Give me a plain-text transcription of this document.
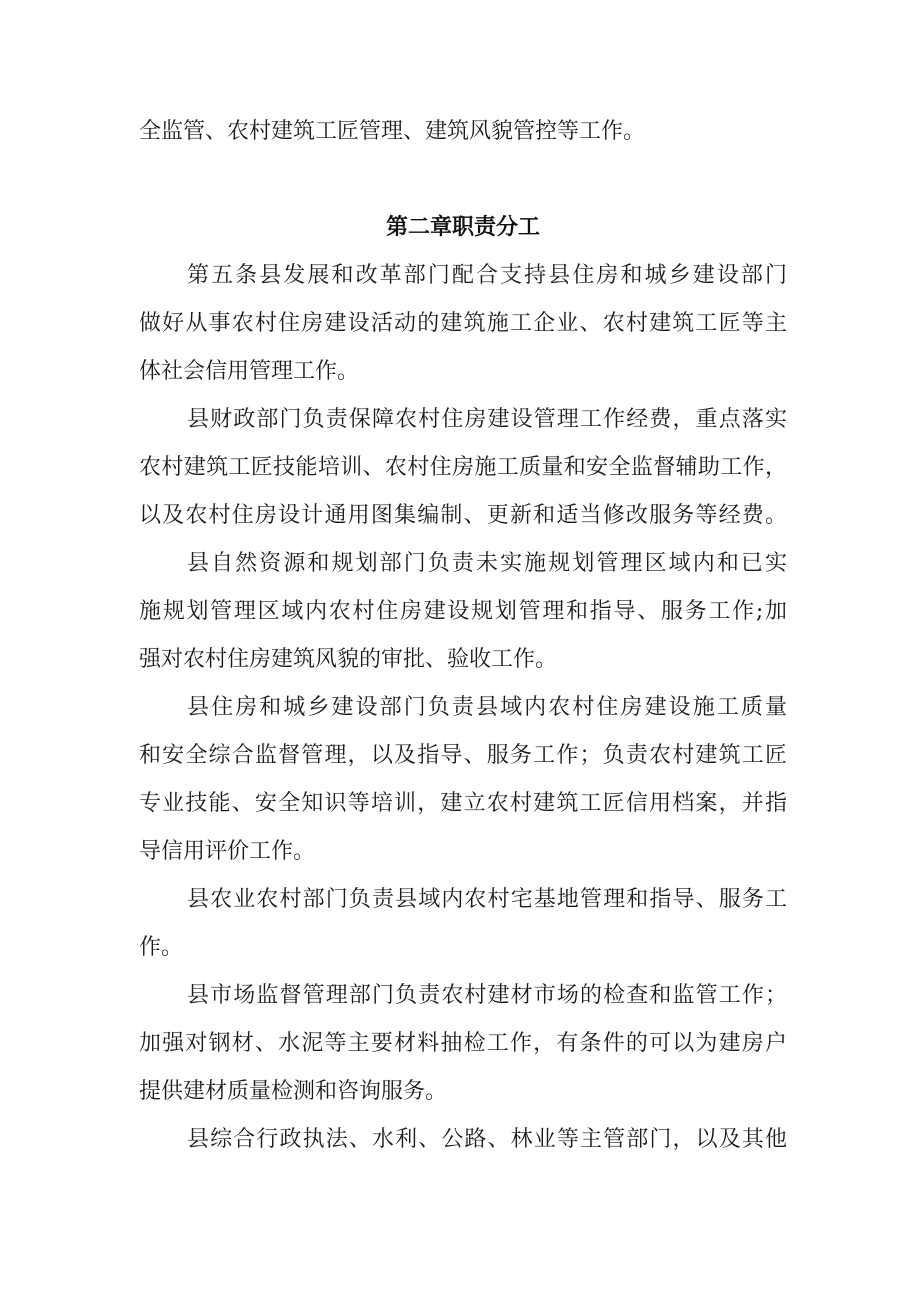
全监管、农村建筑工匠管理、建筑风貌管控等工作。
第二章职责分工
第五条县发展和改革部门配合支持县住房和城乡建设部门
做好从事农村住房建设活动的建筑施工企业、农村建筑工匠等主
体社会信用管理工作。
县财政部门负责保障农村住房建设管理工作经费，重点落实
农村建筑工匠技能培训、农村住房施工质量和安全监督辅助工作，
以及农村住房设计通用图集编制、更新和适当修改服务等经费。
县自然资源和规划部门负责未实施规划管理区域内和已实
施规划管理区域内农村住房建设规划管理和指导、服务工作;加
强对农村住房建筑风貌的审批、验收工作。
县住房和城乡建设部门负责县域内农村住房建设施工质量
和安全综合监督管理，以及指导、服务工作；负责农村建筑工匠
专业技能、安全知识等培训，建立农村建筑工匠信用档案，并指
导信用评价工作。
县农业农村部门负责县域内农村宅基地管理和指导、服务工
作。
县市场监督管理部门负责农村建材市场的检查和监管工作；
加强对钢材、水泥等主要材料抽检工作，有条件的可以为建房户
提供建材质量检测和咨询服务。
县综合行政执法、水利、公路、林业等主管部门，以及其他
